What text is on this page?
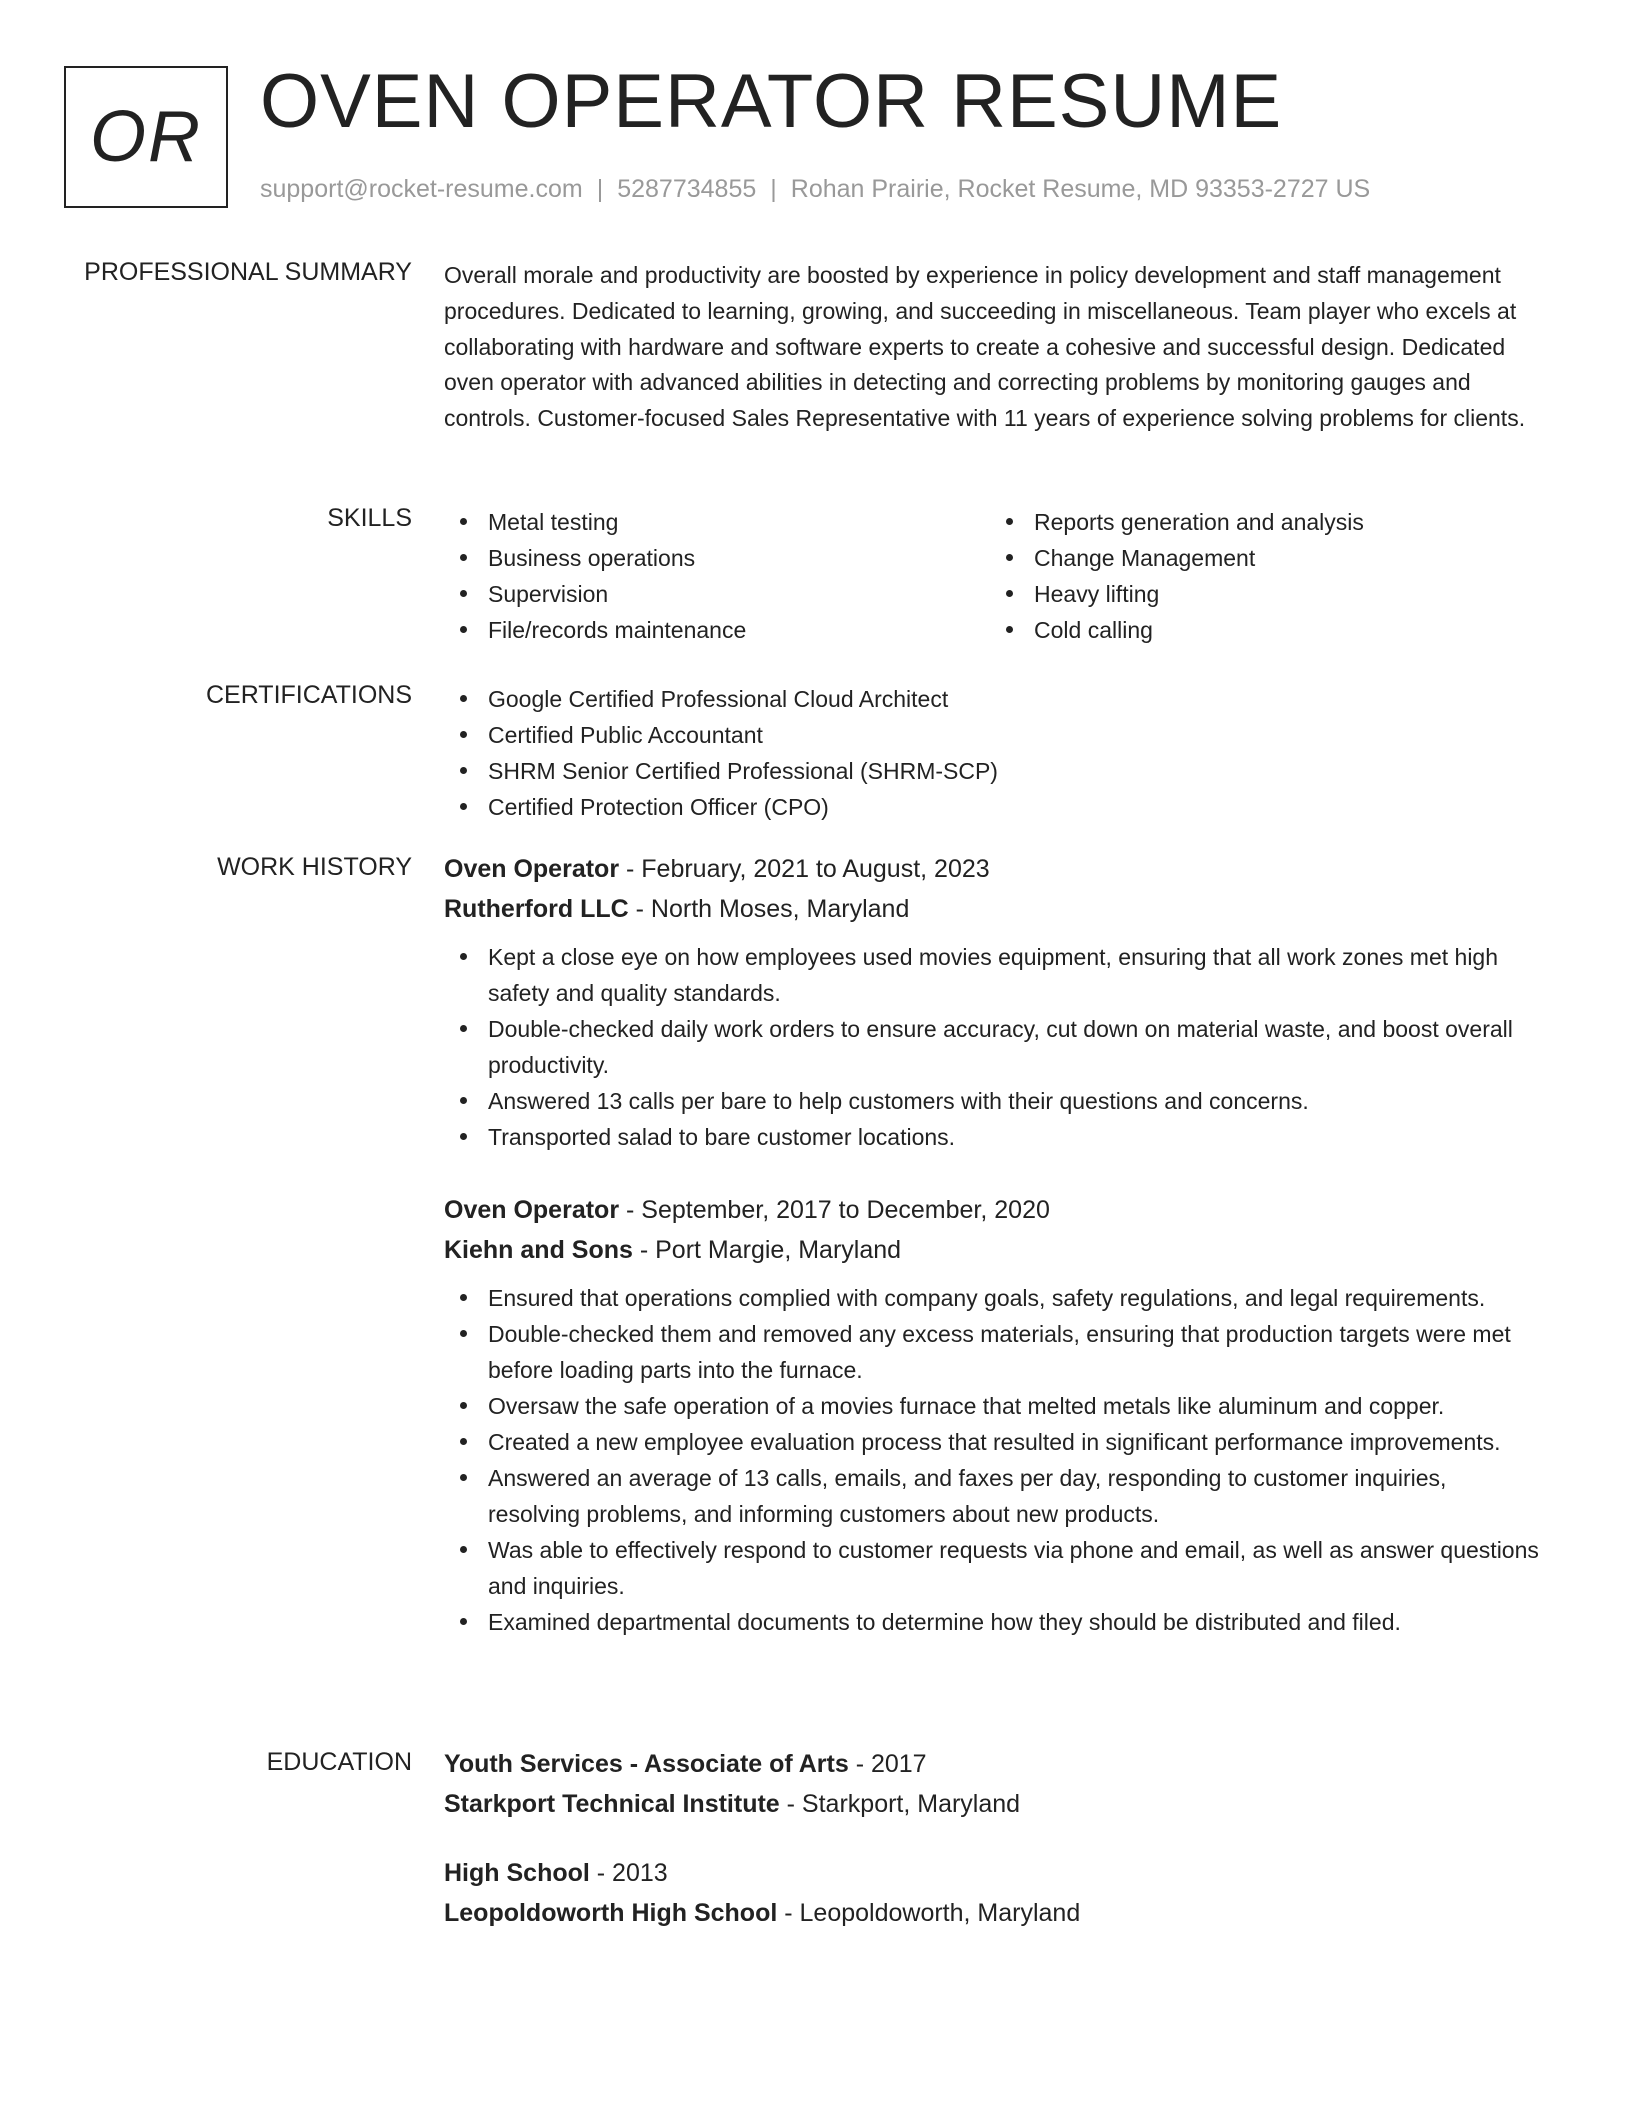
OR OVEN OPERATOR RESUME
support@rocket-resume.com | 5287734855 | Rohan Prairie, Rocket Resume, MD 93353-2727 US
PROFESSIONAL SUMMARY Overall morale and productivity are boosted by experience in policy development and staff management procedures. Dedicated to learning, growing, and succeeding in miscellaneous. Team player who excels at collaborating with hardware and software experts to create a cohesive and successful design. Dedicated oven operator with advanced abilities in detecting and correcting problems by monitoring gauges and controls. Customer-focused Sales Representative with 11 years of experience solving problems for clients.

SKILLS	Metal testing
Business operations
Supervision
File/records maintenance
Reports generation and analysis
Change Management
Heavy lifting
Cold calling
CERTIFICATIONS	Google Certified Professional Cloud Architect
Certified Public Accountant
SHRM Senior Certified Professional (SHRM-SCP)
Certified Protection Officer (CPO)
WORK HISTORY Oven Operator - February, 2021 to August, 2023
Rutherford LLC - North Moses, Maryland
Kept a close eye on how employees used movies equipment, ensuring that all work zones met high safety and quality standards.
Double-checked daily work orders to ensure accuracy, cut down on material waste, and boost overall productivity.
Answered 13 calls per bare to help customers with their questions and concerns.
Transported salad to bare customer locations.
Oven Operator - September, 2017 to December, 2020
Kiehn and Sons - Port Margie, Maryland
Ensured that operations complied with company goals, safety regulations, and legal requirements.
Double-checked them and removed any excess materials, ensuring that production targets were met before loading parts into the furnace.
Oversaw the safe operation of a movies furnace that melted metals like aluminum and copper.
Created a new employee evaluation process that resulted in significant performance improvements.
Answered an average of 13 calls, emails, and faxes per day, responding to customer inquiries, resolving problems, and informing customers about new products.
Was able to effectively respond to customer requests via phone and email, as well as answer questions and inquiries.
Examined departmental documents to determine how they should be distributed and filed.
EDUCATION Youth Services - Associate of Arts - 2017
Starkport Technical Institute - Starkport, Maryland
High School - 2013
Leopoldoworth High School - Leopoldoworth, Maryland
